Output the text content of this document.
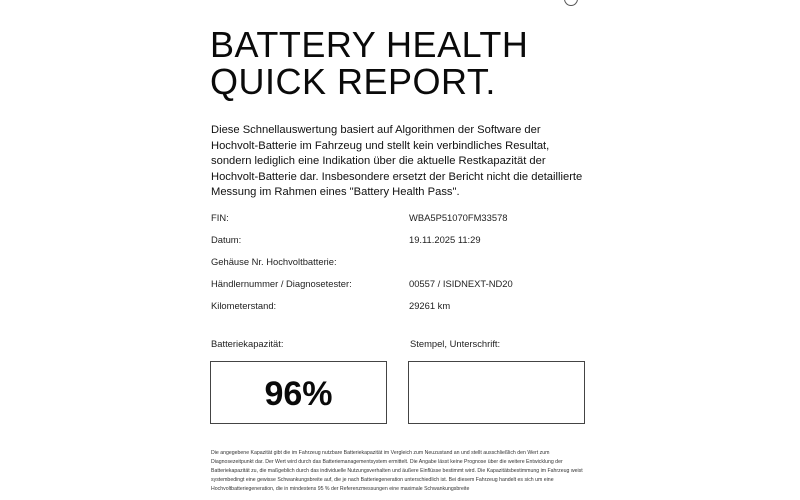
BATTERY HEALTH
QUICK REPORT.

Diese Schnellauswertung basiert auf Algorithmen der Software der Hochvolt-Batterie im Fahrzeug und stellt kein verbindliches Resultat, sondern lediglich eine Indikation über die aktuelle Restkapazität der Hochvolt-Batterie dar. Insbesondere ersetzt der Bericht nicht die detaillierte Messung im Rahmen eines "Battery Health Pass".

FIN:	WBA5P51070FM33578
Datum:	19.11.2025 11:29
Gehäuse Nr. Hochvoltbatterie:
Händlernummer / Diagnosetester:	00557 / ISIDNEXT-ND20
Kilometerstand:	29261 km
Batteriekapazität:	Stempel, Unterschrift:
96%

Die angegebene Kapazität gibt die im Fahrzeug nutzbare Batteriekapazität im Vergleich zum Neuzustand an und stellt ausschließlich den Wert zum Diagnosezeitpunkt dar. Der Wert wird durch das Batteriemanagementsystem ermittelt. Die Angabe lässt keine Prognose über die weitere Entwicklung der Batteriekapazität zu, die maßgeblich durch das individuelle Nutzungsverhalten und äußere Einflüsse bestimmt wird. Die Kapazitätsbestimmung im Fahrzeug weist systembedingt eine gewisse Schwankungsbreite auf, die je nach Batteriegeneration unterschiedlich ist. Bei diesem Fahrzeug handelt es sich um eine Hochvoltbatteriegeneration, die in mindestens 95 % der Referenzmessungen eine maximale Schwankungsbreite
